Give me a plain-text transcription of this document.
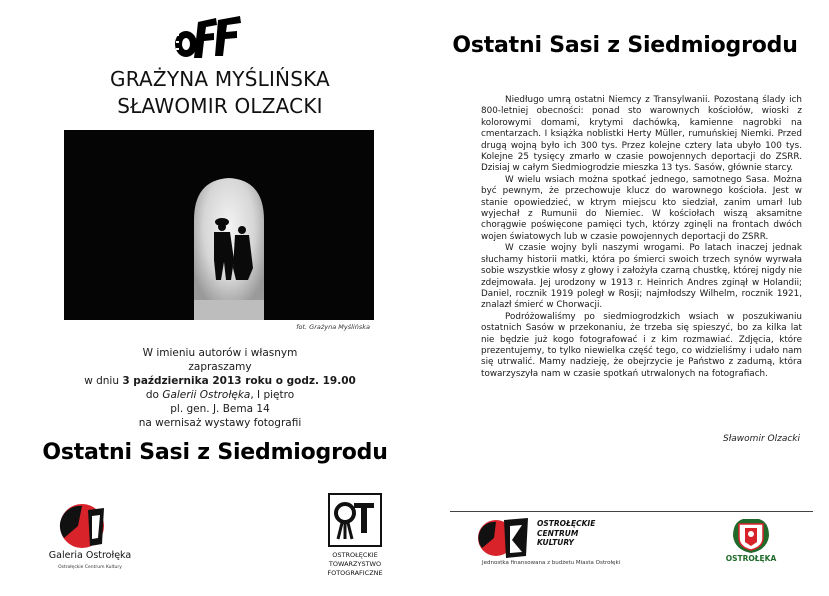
GRAŻYNA MYŚLIŃSKA
SŁAWOMIR OLZACKI
fot. Grażyna Myślińska
W imieniu autorów i własnym
zapraszamy
w dniu 3 października 2013 roku o godz. 19.00
do Galerii Ostrołęka, I piętro
pl. gen. J. Bema 14
na wernisaż wystawy fotografii
Ostatni Sasi z Siedmiogrodu
Galeria Ostrołęka
Ostrołęckie Centrum Kultury
OSTROŁĘCKIE
TOWARZYSTWO
FOTOGRAFICZNE
Ostatni Sasi z Siedmiogrodu

Niedługo umrą ostatni Niemcy z Transylwanii. Pozostaną ślady ich 800-letniej obecności: ponad sto warownych kościołów, wioski z kolorowymi domami, krytymi dachówką, kamienne nagrobki na cmentarzach. I książka noblistki Herty Müller, rumuńskiej Niemki. Przed drugą wojną było ich 300 tys. Przez kolejne cztery lata ubyło 100 tys. Kolejne 25 tysięcy zmarło w czasie powojennych deportacji do ZSRR. Dzisiaj w całym Siedmiogrodzie mieszka 13 tys. Sasów, głównie starcy.

W wielu wsiach można spotkać jednego, samotnego Sasa. Można być pewnym, że przechowuje klucz do warownego kościoła. Jest w stanie opowiedzieć, w ktrym miejscu kto siedział, zanim umarł lub wyjechał z Rumunii do Niemiec. W kościołach wiszą aksamitne chorągwie poświęcone pamięci tych, którzy zginęli na frontach dwóch wojen światowych lub w czasie powojennych deportacji do ZSRR.

W czasie wojny byli naszymi wrogami. Po latach inaczej jednak słuchamy historii matki, która po śmierci swoich trzech synów wyrwała sobie wszystkie włosy z głowy i założyła czarną chustkę, której nigdy nie zdejmowała. Jej urodzony w 1913 r. Heinrich Andres zginął w Holandii; Daniel, rocznik 1919 poległ w Rosji; najmłodszy Wilhelm, rocznik 1921, znalazł śmierć w Chorwacji.

Podróżowaliśmy po siedmiogrodzkich wsiach w poszukiwaniu ostatnich Sasów w przekonaniu, że trzeba się spieszyć, bo za kilka lat nie będzie już kogo fotografować i z kim rozmawiać. Zdjęcia, które prezentujemy, to tylko niewielka część tego, co widzieliśmy i udało nam się utrwalić. Mamy nadzieję, że obejrzycie je Państwo z zadumą, która towarzyszyła nam w czasie spotkań utrwalonych na fotografiach.

Sławomir Olzacki
OSTROŁĘCKIE
CENTRUM
KULTURY
Jednostka finansowana z budżetu Miasta Ostrołęki	OSTROŁĘKA
